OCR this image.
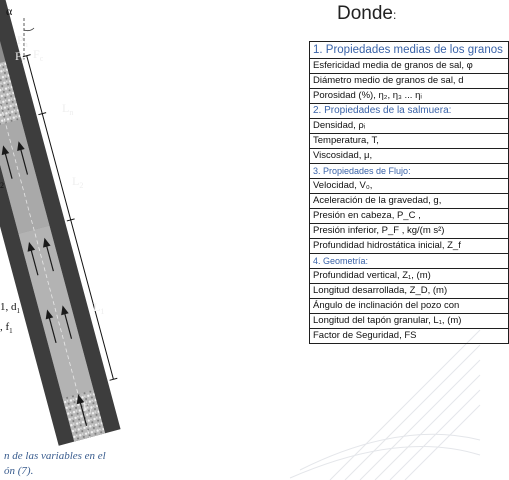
α
$P_h$
$F_h$ $F_c$
$L_n$
$L_2$
$L_1$
2
1, $d_1$
, $f_1$
$F_f$
n de las variables en el
ón (7).
Donde:
1. Propiedades medias de los granos
Esfericidad media de granos de sal, φ
Diámetro medio de granos de sal, d
Porosidad (%), η₂, η₃ ... ηᵢ
2. Propiedades de la salmuera:
Densidad, ρᵢ
Temperatura, T,
Viscosidad, μ,
3. Propiedades de Flujo:
Velocidad, V₀,
Aceleración de la gravedad, g,
Presión en cabeza, P_C ,
Presión inferior, P_F , kg/(m s²)
Profundidad hidrostática inicial, Z_f
4. Geometría:
Profundidad vertical, Z₁, (m)
Longitud desarrollada, Z_D, (m)
Ángulo de inclinación del pozo con
Longitud del tapón granular, L₁, (m)
Factor de Seguridad, FS
